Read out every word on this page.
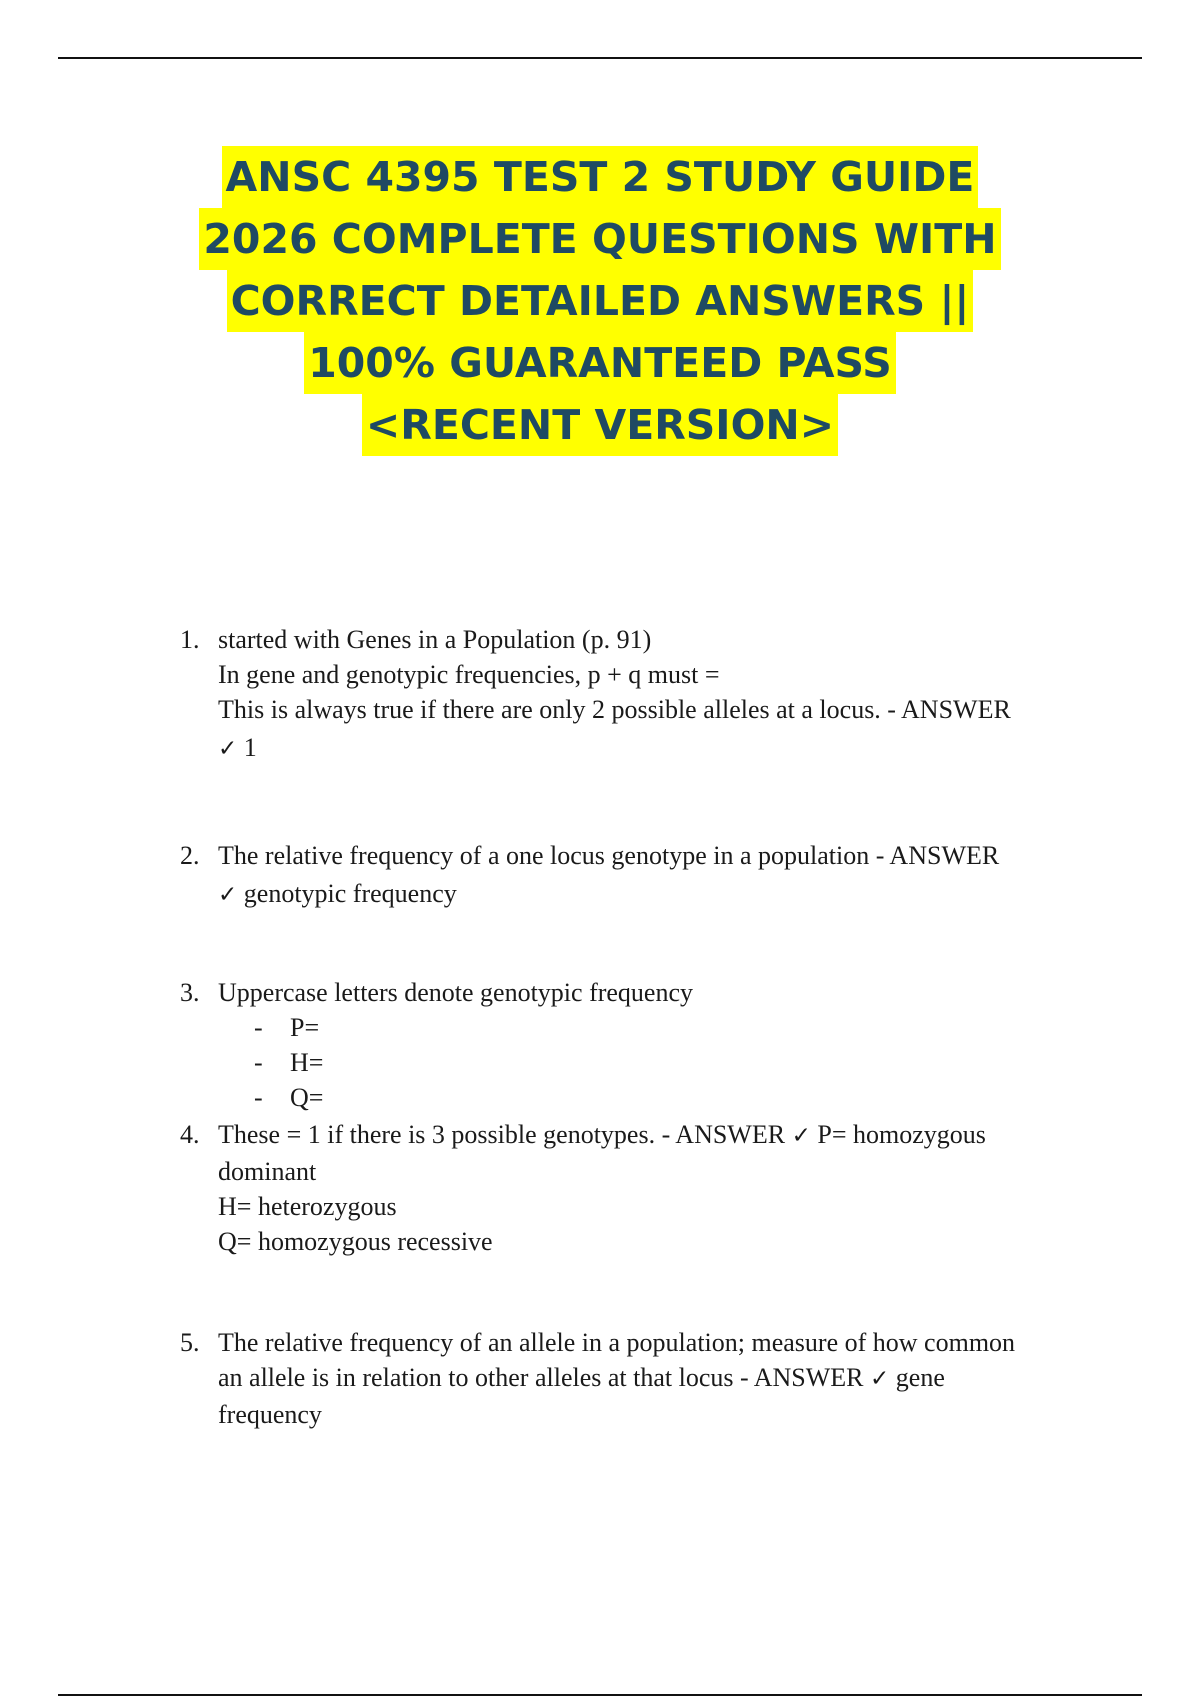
ANSC 4395 TEST 2 STUDY GUIDE
2026 COMPLETE QUESTIONS WITH
CORRECT DETAILED ANSWERS ||
100% GUARANTEED PASS
<RECENT VERSION>
1. started with Genes in a Population (p. 91)
In gene and genotypic frequencies, p + q must =
This is always true if there are only 2 possible alleles at a locus. - ANSWER
✓ 1
2. The relative frequency of a one locus genotype in a population - ANSWER
✓ genotypic frequency
3. Uppercase letters denote genotypic frequency
- P=
- H=
- Q=
4. These = 1 if there is 3 possible genotypes. - ANSWER ✓ P= homozygous
dominant
H= heterozygous
Q= homozygous recessive
5. The relative frequency of an allele in a population; measure of how common
an allele is in relation to other alleles at that locus - ANSWER ✓ gene
frequency
